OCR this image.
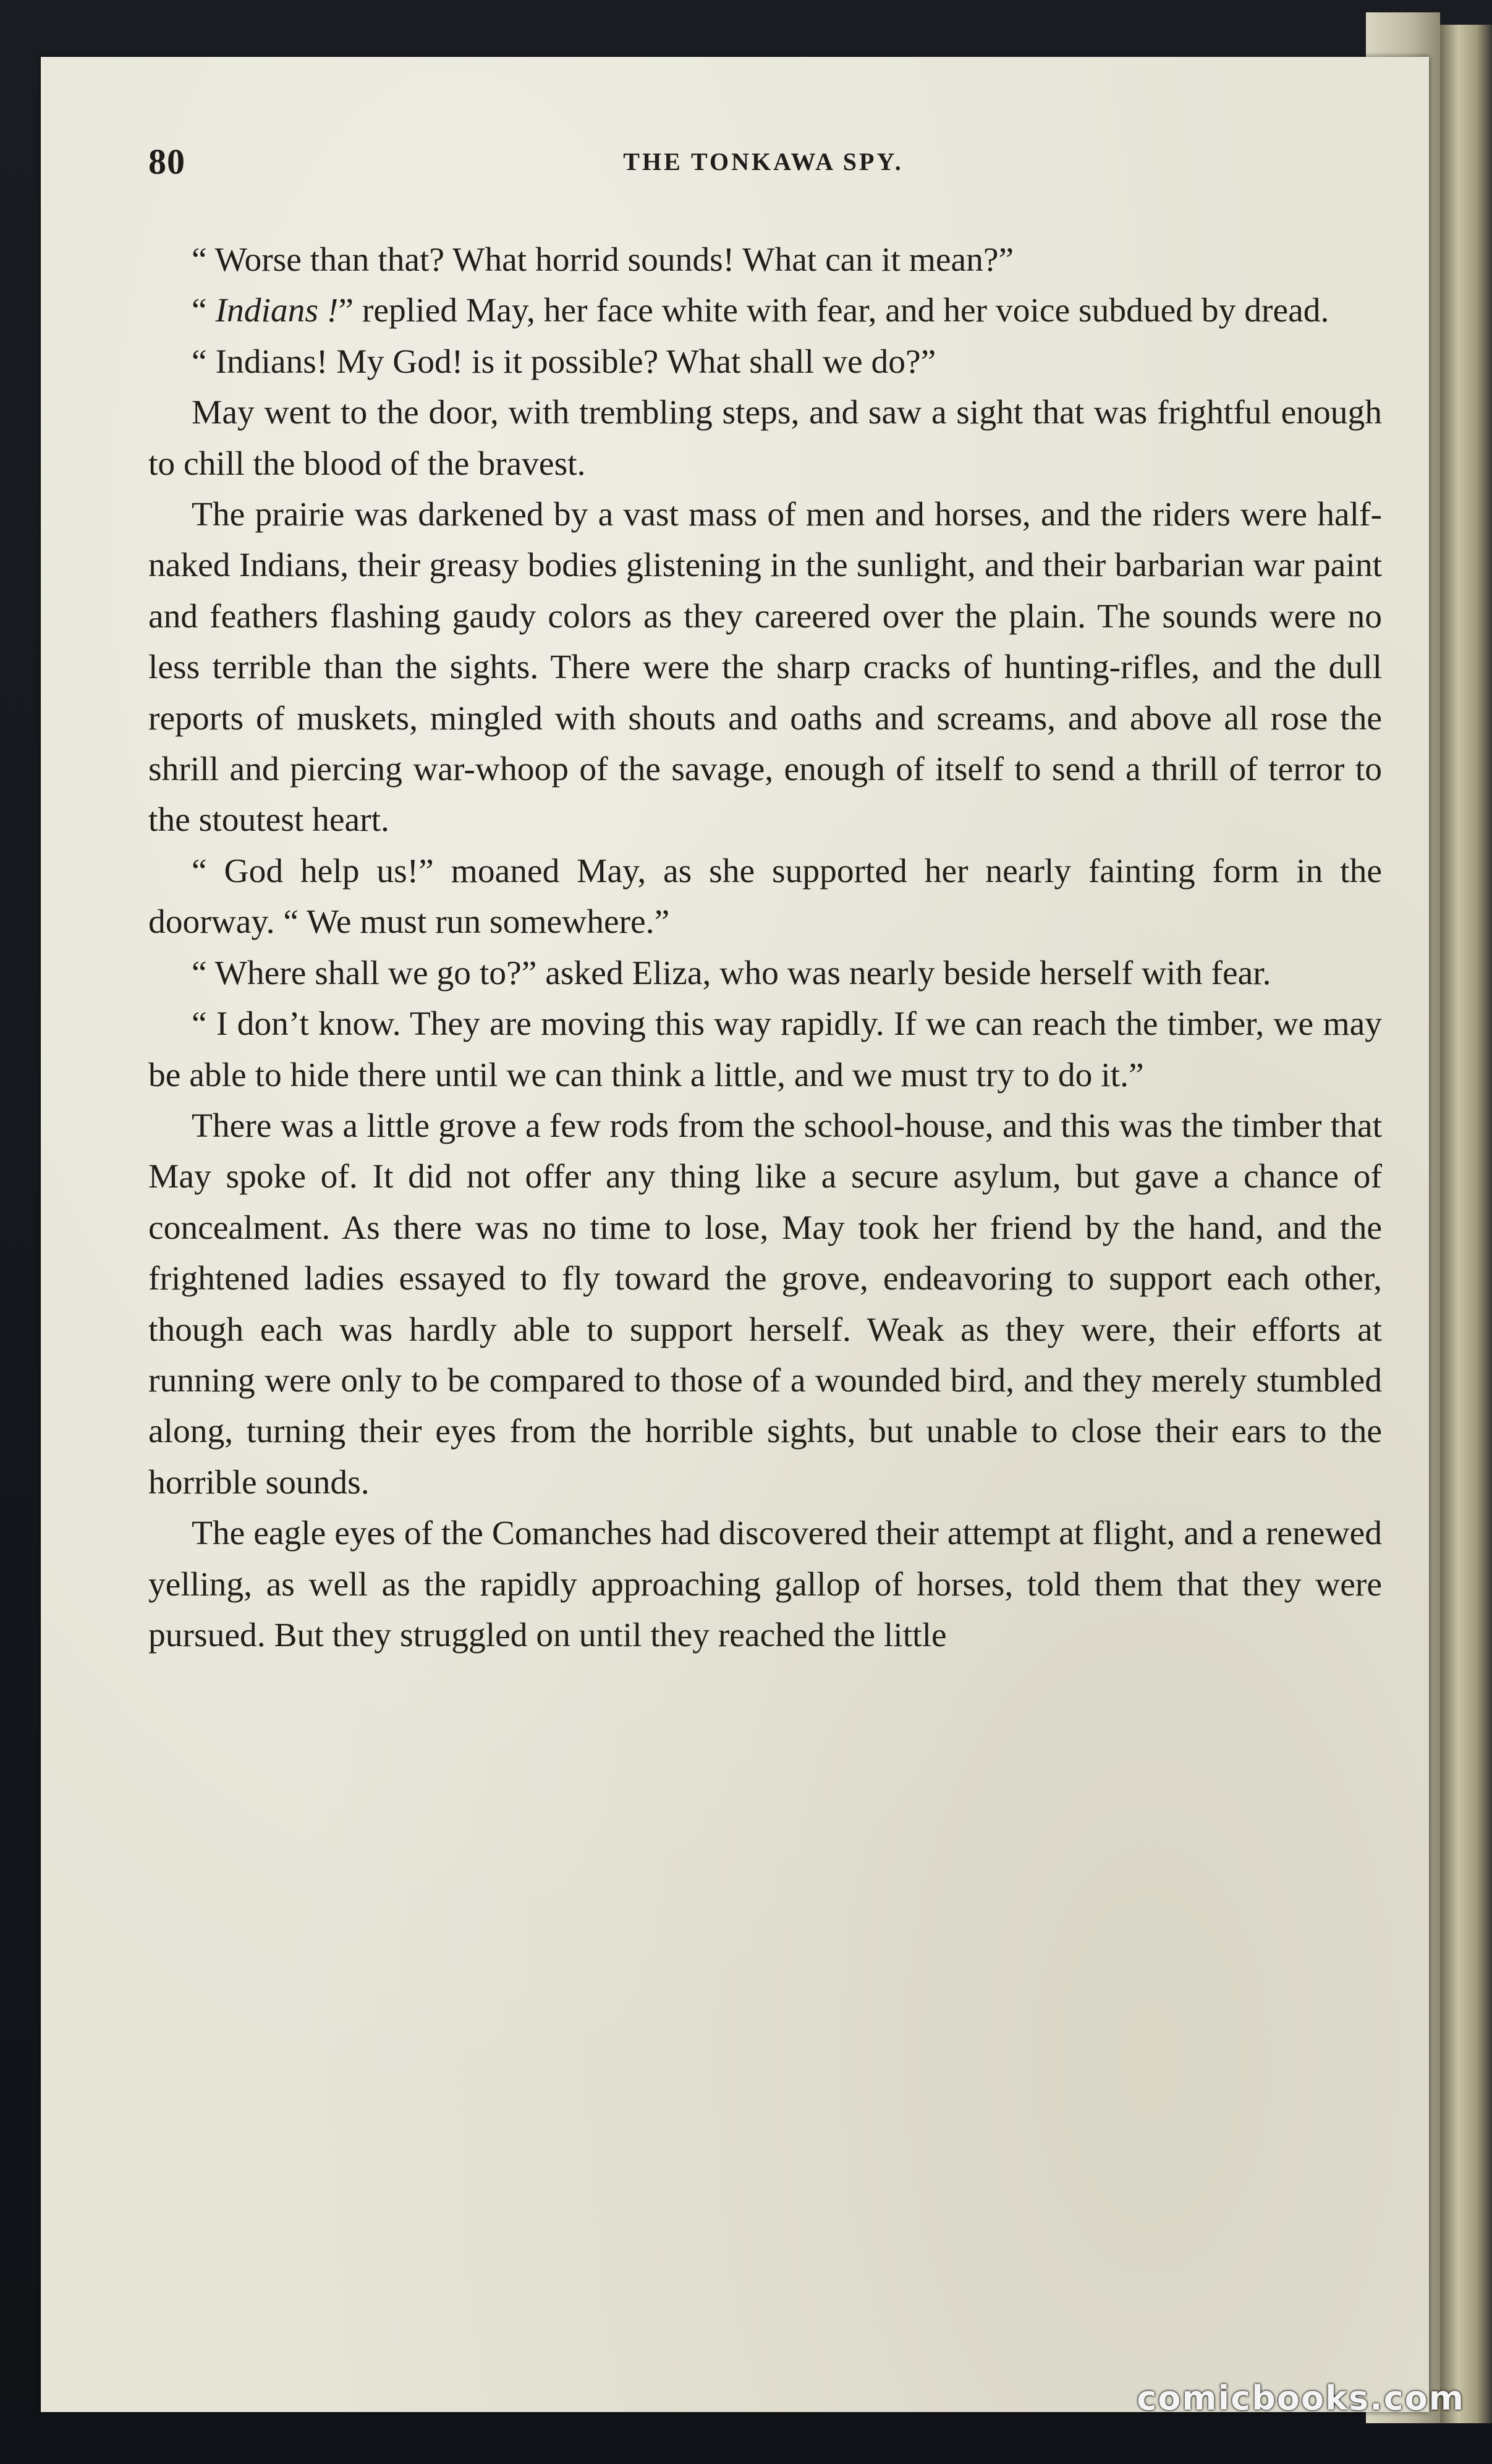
80	THE TONKAWA SPY.

“ Worse than that? What horrid sounds! What can it mean?”

“ Indians !” replied May, her face white with fear, and her voice subdued by dread.

“ Indians! My God! is it possible? What shall we do?”

May went to the door, with trembling steps, and saw a sight that was frightful enough to chill the blood of the bravest.

The prairie was darkened by a vast mass of men and horses, and the riders were half-naked Indians, their greasy bodies glistening in the sunlight, and their barbarian war paint and feathers flashing gaudy colors as they careered over the plain. The sounds were no less terrible than the sights. There were the sharp cracks of hunting-rifles, and the dull reports of muskets, mingled with shouts and oaths and screams, and above all rose the shrill and piercing war-whoop of the savage, enough of itself to send a thrill of terror to the stoutest heart.

“ God help us!” moaned May, as she supported her nearly fainting form in the doorway. “ We must run somewhere.”

“ Where shall we go to?” asked Eliza, who was nearly beside herself with fear.

“ I don’t know. They are moving this way rapidly. If we can reach the timber, we may be able to hide there until we can think a little, and we must try to do it.”

There was a little grove a few rods from the school-house, and this was the timber that May spoke of. It did not offer any thing like a secure asylum, but gave a chance of concealment. As there was no time to lose, May took her friend by the hand, and the frightened ladies essayed to fly toward the grove, endeavoring to support each other, though each was hardly able to support herself. Weak as they were, their efforts at running were only to be compared to those of a wounded bird, and they merely stumbled along, turning their eyes from the horrible sights, but unable to close their ears to the horrible sounds.

The eagle eyes of the Comanches had discovered their attempt at flight, and a renewed yelling, as well as the rapidly approaching gallop of horses, told them that they were pursued. But they struggled on until they reached the little

comicbooks.com
